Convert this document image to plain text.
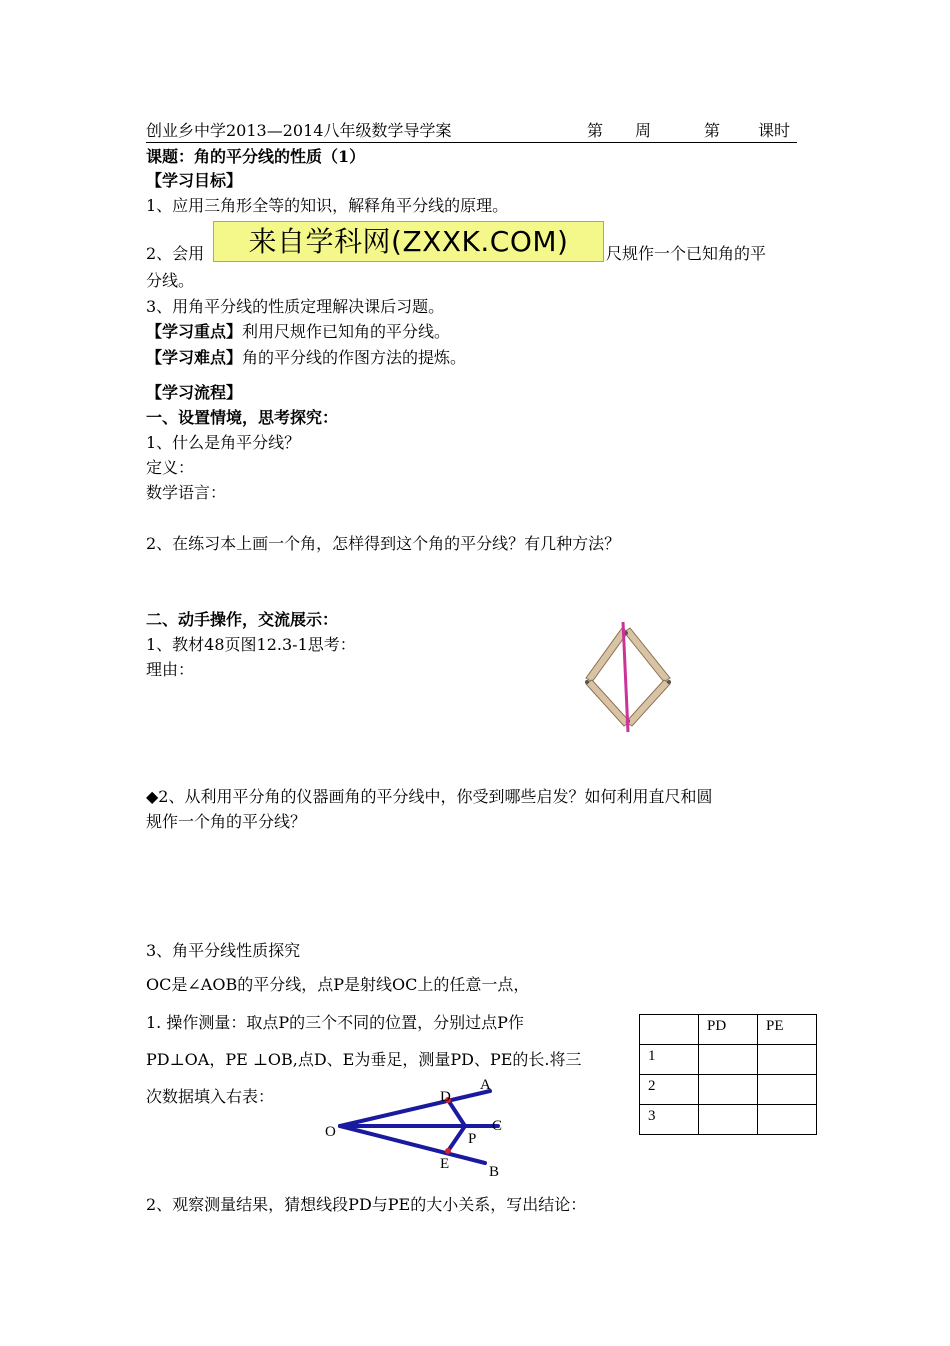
创业乡中学2013—2014八年级数学导学案	第 周	第 课时
课题：角的平分线的性质（1）
【学习目标】
1、应用三角形全等的知识，解释角平分线的原理。
2、会用	来自学科网(ZXXK.COM)	尺规作一个已知角的平
分线。
3、用角平分线的性质定理解决课后习题。
【学习重点】利用尺规作已知角的平分线。
【学习难点】角的平分线的作图方法的提炼。
【学习流程】
一、设置情境，思考探究：
1、什么是角平分线？
定义：
数学语言：
2、在练习本上画一个角，怎样得到这个角的平分线？有几种方法？
二、动手操作，交流展示：
1、教材48页图12.3-1思考：
理由：
◆2、从利用平分角的仪器画角的平分线中，你受到哪些启发？如何利用直尺和圆
规作一个角的平分线？
3、角平分线性质探究
OC是∠AOB的平分线，点P是射线OC上的任意一点，
1. 操作测量：取点P的三个不同的位置，分别过点P作
PD⊥OA，PE ⊥OB,点D、E为垂足，测量PD、PE的长.将三
次数据填入右表：
O
A
D
C
P
E	B
	PD	PE
1		
2		
3		
2、观察测量结果，猜想线段PD与PE的大小关系，写出结论：
